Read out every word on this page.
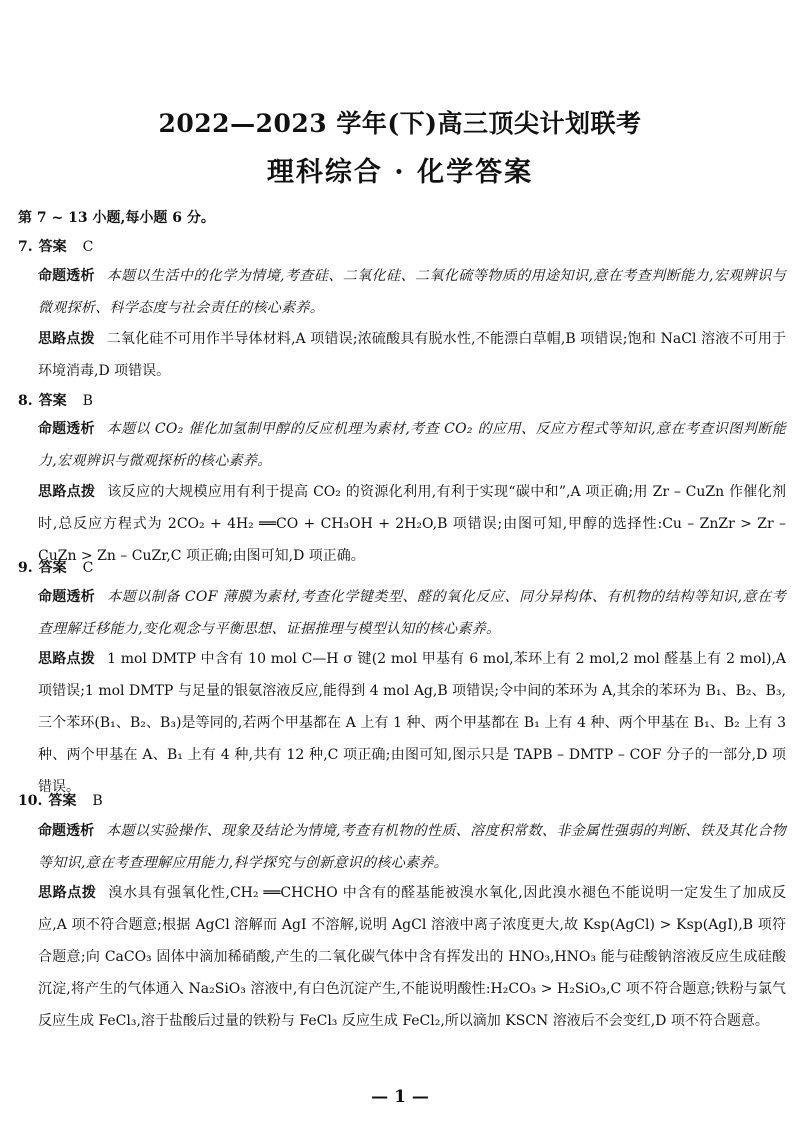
2022—2023 学年(下)高三顶尖计划联考
理科综合 · 化学答案
第 7 ~ 13 小题,每小题 6 分。
7. 答案 C
命题透析 本题以生活中的化学为情境,考查硅、二氧化硅、二氧化硫等物质的用途知识,意在考查判断能力,宏观辨识与微观探析、科学态度与社会责任的核心素养。
思路点拨 二氧化硅不可用作半导体材料,A 项错误;浓硫酸具有脱水性,不能漂白草帽,B 项错误;饱和 NaCl 溶液不可用于环境消毒,D 项错误。
8. 答案 B
命题透析 本题以 CO₂ 催化加氢制甲醇的反应机理为素材,考查 CO₂ 的应用、反应方程式等知识,意在考查识图判断能力,宏观辨识与微观探析的核心素养。
思路点拨 该反应的大规模应用有利于提高 CO₂ 的资源化利用,有利于实现“碳中和”,A 项正确;用 Zr – CuZn 作催化剂时,总反应方程式为 2CO₂ + 4H₂ ══CO + CH₃OH + 2H₂O,B 项错误;由图可知,甲醇的选择性:Cu – ZnZr > Zr – CuZn > Zn – CuZr,C 项正确;由图可知,D 项正确。
9. 答案 C
命题透析 本题以制备 COF 薄膜为素材,考查化学键类型、醛的氧化反应、同分异构体、有机物的结构等知识,意在考查理解迁移能力,变化观念与平衡思想、证据推理与模型认知的核心素养。
思路点拨 1 mol DMTP 中含有 10 mol C—H σ 键(2 mol 甲基有 6 mol,苯环上有 2 mol,2 mol 醛基上有 2 mol),A 项错误;1 mol DMTP 与足量的银氨溶液反应,能得到 4 mol Ag,B 项错误;令中间的苯环为 A,其余的苯环为 B₁、B₂、B₃,三个苯环(B₁、B₂、B₃)是等同的,若两个甲基都在 A 上有 1 种、两个甲基都在 B₁ 上有 4 种、两个甲基在 B₁、B₂ 上有 3 种、两个甲基在 A、B₁ 上有 4 种,共有 12 种,C 项正确;由图可知,图示只是 TAPB – DMTP – COF 分子的一部分,D 项错误。
10. 答案 B
命题透析 本题以实验操作、现象及结论为情境,考查有机物的性质、溶度积常数、非金属性强弱的判断、铁及其化合物等知识,意在考查理解应用能力,科学探究与创新意识的核心素养。
思路点拨 溴水具有强氧化性,CH₂ ══CHCHO 中含有的醛基能被溴水氧化,因此溴水褪色不能说明一定发生了加成反应,A 项不符合题意;根据 AgCl 溶解而 AgI 不溶解,说明 AgCl 溶液中离子浓度更大,故 Ksp(AgCl) > Ksp(AgI),B 项符合题意;向 CaCO₃ 固体中滴加稀硝酸,产生的二氧化碳气体中含有挥发出的 HNO₃,HNO₃ 能与硅酸钠溶液反应生成硅酸沉淀,将产生的气体通入 Na₂SiO₃ 溶液中,有白色沉淀产生,不能说明酸性:H₂CO₃ > H₂SiO₃,C 项不符合题意;铁粉与氯气反应生成 FeCl₃,溶于盐酸后过量的铁粉与 FeCl₃ 反应生成 FeCl₂,所以滴加 KSCN 溶液后不会变红,D 项不符合题意。
— 1 —
